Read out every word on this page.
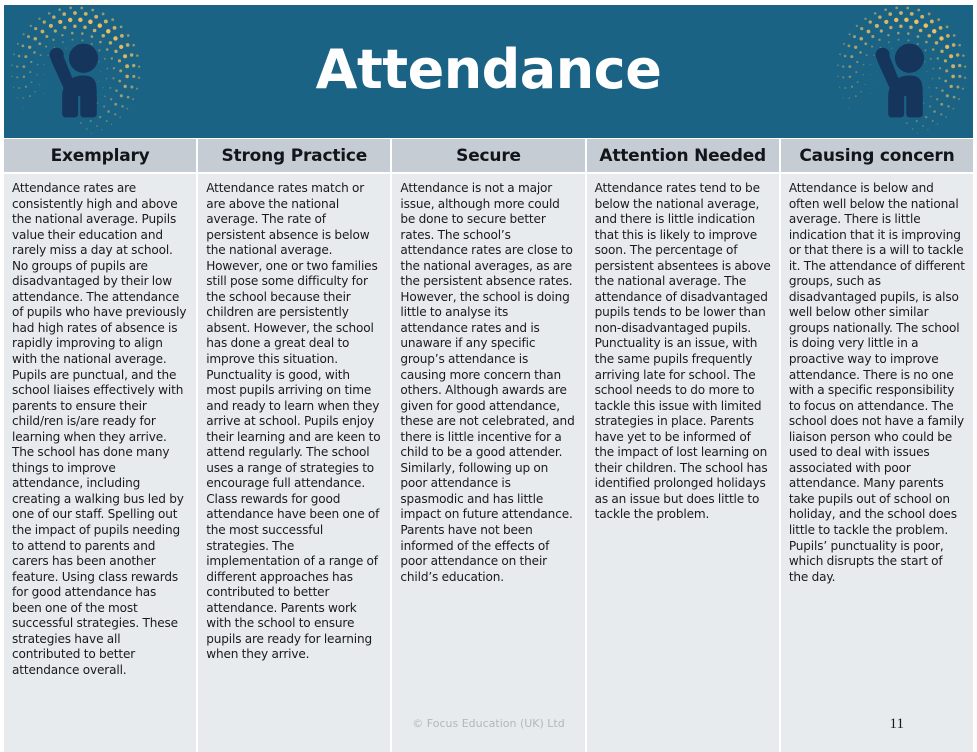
Attendance
Exemplary

Attendance rates are consistently high and above the national average. Pupils value their education and rarely miss a day at school. No groups of pupils are disadvantaged by their low attendance. The attendance of pupils who have previously had high rates of absence is rapidly improving to align with the national average. Pupils are punctual, and the school liaises effectively with parents to ensure their child/ren is/are ready for learning when they arrive. The school has done many things to improve attendance, including creating a walking bus led by one of our staff. Spelling out the impact of pupils needing to attend to parents and carers has been another feature. Using class rewards for good attendance has been one of the most successful strategies. These strategies have all contributed to better attendance overall.

Strong Practice

Attendance rates match or are above the national average. The rate of persistent absence is below the national average. However, one or two families still pose some difficulty for the school because their children are persistently absent. However, the school has done a great deal to improve this situation. Punctuality is good, with most pupils arriving on time and ready to learn when they arrive at school. Pupils enjoy their learning and are keen to attend regularly. The school uses a range of strategies to encourage full attendance. Class rewards for good attendance have been one of the most successful strategies. The implementation of a range of different approaches has contributed to better attendance. Parents work with the school to ensure pupils are ready for learning when they arrive.

Secure

Attendance is not a major issue, although more could be done to secure better rates. The school’s attendance rates are close to the national averages, as are the persistent absence rates. However, the school is doing little to analyse its attendance rates and is unaware if any specific group’s attendance is causing more concern than others. Although awards are given for good attendance, these are not celebrated, and there is little incentive for a child to be a good attender. Similarly, following up on poor attendance is spasmodic and has little impact on future attendance. Parents have not been informed of the effects of poor attendance on their child’s education.

Attention Needed

Attendance rates tend to be below the national average, and there is little indication that this is likely to improve soon. The percentage of persistent absentees is above the national average. The attendance of disadvantaged pupils tends to be lower than non-disadvantaged pupils. Punctuality is an issue, with the same pupils frequently arriving late for school. The school needs to do more to tackle this issue with limited strategies in place. Parents have yet to be informed of the impact of lost learning on their children. The school has identified prolonged holidays as an issue but does little to tackle the problem.

Causing concern

Attendance is below and often well below the national average. There is little indication that it is improving or that there is a will to tackle it. The attendance of different groups, such as disadvantaged pupils, is also well below other similar groups nationally. The school is doing very little in a proactive way to improve attendance. There is no one with a specific responsibility to focus on attendance. The school does not have a family liaison person who could be used to deal with issues associated with poor attendance. Many parents take pupils out of school on holiday, and the school does little to tackle the problem. Pupils’ punctuality is poor, which disrupts the start of the day.

© Focus Education (UK) Ltd	11
